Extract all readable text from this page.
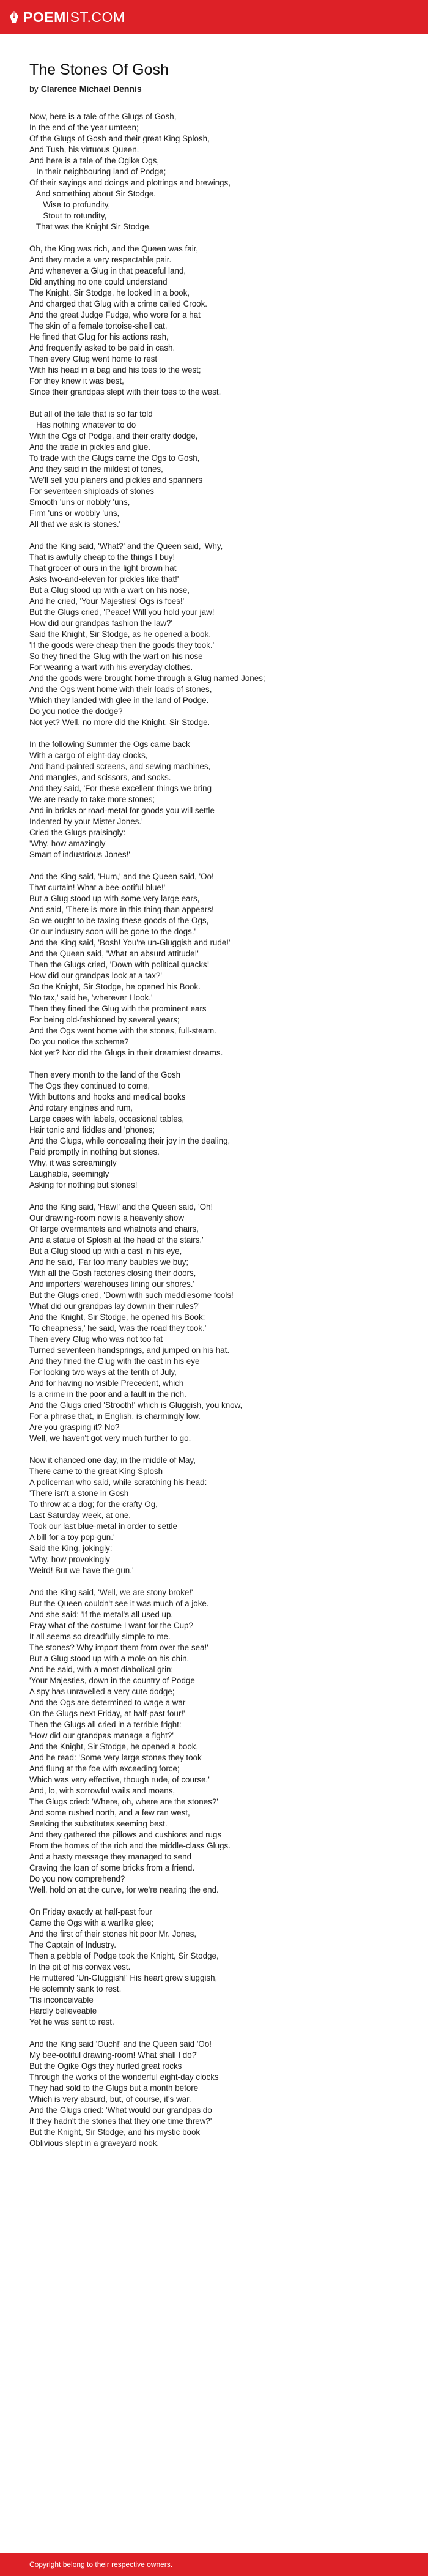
POEM IST.COM
The Stones Of Gosh
by Clarence Michael Dennis
Now, here is a tale of the Glugs of Gosh,
In the end of the year umteen;
Of the Glugs of Gosh and their great King Splosh,
And Tush, his virtuous Queen.
And here is a tale of the Ogike Ogs,
In their neighbouring land of Podge;
Of their sayings and doings and plottings and brewings,
And something about Sir Stodge.
Wise to profundity,
Stout to rotundity,
That was the Knight Sir Stodge.
Oh, the King was rich, and the Queen was fair,
And they made a very respectable pair.
And whenever a Glug in that peaceful land,
Did anything no one could understand
The Knight, Sir Stodge, he looked in a book,
And charged that Glug with a crime called Crook.
And the great Judge Fudge, who wore for a hat
The skin of a female tortoise-shell cat,
He fined that Glug for his actions rash,
And frequently asked to be paid in cash.
Then every Glug went home to rest
With his head in a bag and his toes to the west;
For they knew it was best,
Since their grandpas slept with their toes to the west.
But all of the tale that is so far told
Has nothing whatever to do
With the Ogs of Podge, and their crafty dodge,
And the trade in pickles and glue.
To trade with the Glugs came the Ogs to Gosh,
And they said in the mildest of tones,
'We'll sell you planers and pickles and spanners
For seventeen shiploads of stones
Smooth 'uns or nobbly 'uns,
Firm 'uns or wobbly 'uns,
All that we ask is stones.'
And the King said, 'What?' and the Queen said, 'Why,
That is awfully cheap to the things I buy!
That grocer of ours in the light brown hat
Asks two-and-eleven for pickles like that!'
But a Glug stood up with a wart on his nose,
And he cried, 'Your Majesties! Ogs is foes!'
But the Glugs cried, 'Peace! Will you hold your jaw!
How did our grandpas fashion the law?'
Said the Knight, Sir Stodge, as he opened a book,
'If the goods were cheap then the goods they took.'
So they fined the Glug with the wart on his nose
For wearing a wart with his everyday clothes.
And the goods were brought home through a Glug named Jones;
And the Ogs went home with their loads of stones,
Which they landed with glee in the land of Podge.
Do you notice the dodge?
Not yet? Well, no more did the Knight, Sir Stodge.
In the following Summer the Ogs came back
With a cargo of eight-day clocks,
And hand-painted screens, and sewing machines,
And mangles, and scissors, and socks.
And they said, 'For these excellent things we bring
We are ready to take more stones;
And in bricks or road-metal for goods you will settle
Indented by your Mister Jones.'
Cried the Glugs praisingly:
'Why, how amazingly
Smart of industrious Jones!'
And the King said, 'Hum,' and the Queen said, 'Oo!
That curtain! What a bee-ootiful blue!'
But a Glug stood up with some very large ears,
And said, 'There is more in this thing than appears!
So we ought to be taxing these goods of the Ogs,
Or our industry soon will be gone to the dogs.'
And the King said, 'Bosh! You're un-Gluggish and rude!'
And the Queen said, 'What an absurd attitude!'
Then the Glugs cried, 'Down with political quacks!
How did our grandpas look at a tax?'
So the Knight, Sir Stodge, he opened his Book.
'No tax,' said he, 'wherever I look.'
Then they fined the Glug with the prominent ears
For being old-fashioned by several years;
And the Ogs went home with the stones, full-steam.
Do you notice the scheme?
Not yet? Nor did the Glugs in their dreamiest dreams.
Then every month to the land of the Gosh
The Ogs they continued to come,
With buttons and hooks and medical books
And rotary engines and rum,
Large cases with labels, occasional tables,
Hair tonic and fiddles and 'phones;
And the Glugs, while concealing their joy in the dealing,
Paid promptly in nothing but stones.
Why, it was screamingly
Laughable, seemingly
Asking for nothing but stones!
And the King said, 'Haw!' and the Queen said, 'Oh!
Our drawing-room now is a heavenly show
Of large overmantels and whatnots and chairs,
And a statue of Splosh at the head of the stairs.'
But a Glug stood up with a cast in his eye,
And he said, 'Far too many baubles we buy;
With all the Gosh factories closing their doors,
And importers' warehouses lining our shores.'
But the Glugs cried, 'Down with such meddlesome fools!
What did our grandpas lay down in their rules?'
And the Knight, Sir Stodge, he opened his Book:
'To cheapness,' he said, 'was the road they took.'
Then every Glug who was not too fat
Turned seventeen handsprings, and jumped on his hat.
And they fined the Glug with the cast in his eye
For looking two ways at the tenth of July,
And for having no visible Precedent, which
Is a crime in the poor and a fault in the rich.
And the Glugs cried 'Strooth!' which is Gluggish, you know,
For a phrase that, in English, is charmingly low.
Are you grasping it? No?
Well, we haven't got very much further to go.
Now it chanced one day, in the middle of May,
There came to the great King Splosh
A policeman who said, while scratching his head:
'There isn't a stone in Gosh
To throw at a dog; for the crafty Og,
Last Saturday week, at one,
Took our last blue-metal in order to settle
A bill for a toy pop-gun.'
Said the King, jokingly:
'Why, how provokingly
Weird! But we have the gun.'
And the King said, 'Well, we are stony broke!'
But the Queen couldn't see it was much of a joke.
And she said: 'If the metal's all used up,
Pray what of the costume I want for the Cup?
It all seems so dreadfully simple to me.
The stones? Why import them from over the sea!'
But a Glug stood up with a mole on his chin,
And he said, with a most diabolical grin:
'Your Majesties, down in the country of Podge
A spy has unravelled a very cute dodge;
And the Ogs are determined to wage a war
On the Glugs next Friday, at half-past four!'
Then the Glugs all cried in a terrible fright:
'How did our grandpas manage a fight?'
And the Knight, Sir Stodge, he opened a book,
And he read: 'Some very large stones they took
And flung at the foe with exceeding force;
Which was very effective, though rude, of course.'
And, lo, with sorrowful wails and moans,
The Glugs cried: 'Where, oh, where are the stones?'
And some rushed north, and a few ran west,
Seeking the substitutes seeming best.
And they gathered the pillows and cushions and rugs
From the homes of the rich and the middle-class Glugs.
And a hasty message they managed to send
Craving the loan of some bricks from a friend.
Do you now comprehend?
Well, hold on at the curve, for we're nearing the end.
On Friday exactly at half-past four
Came the Ogs with a warlike glee;
And the first of their stones hit poor Mr. Jones,
The Captain of Industry.
Then a pebble of Podge took the Knight, Sir Stodge,
In the pit of his convex vest.
He muttered 'Un-Gluggish!' His heart grew sluggish,
He solemnly sank to rest,
'Tis inconceivable
Hardly believeable
Yet he was sent to rest.
And the King said 'Ouch!' and the Queen said 'Oo!
My bee-ootiful drawing-room! What shall I do?'
But the Ogike Ogs they hurled great rocks
Through the works of the wonderful eight-day clocks
They had sold to the Glugs but a month before
Which is very absurd, but, of course, it's war.
And the Glugs cried: 'What would our grandpas do
If they hadn't the stones that they one time threw?'
But the Knight, Sir Stodge, and his mystic book
Oblivious slept in a graveyard nook.
Copyright belong to their respective owners.
